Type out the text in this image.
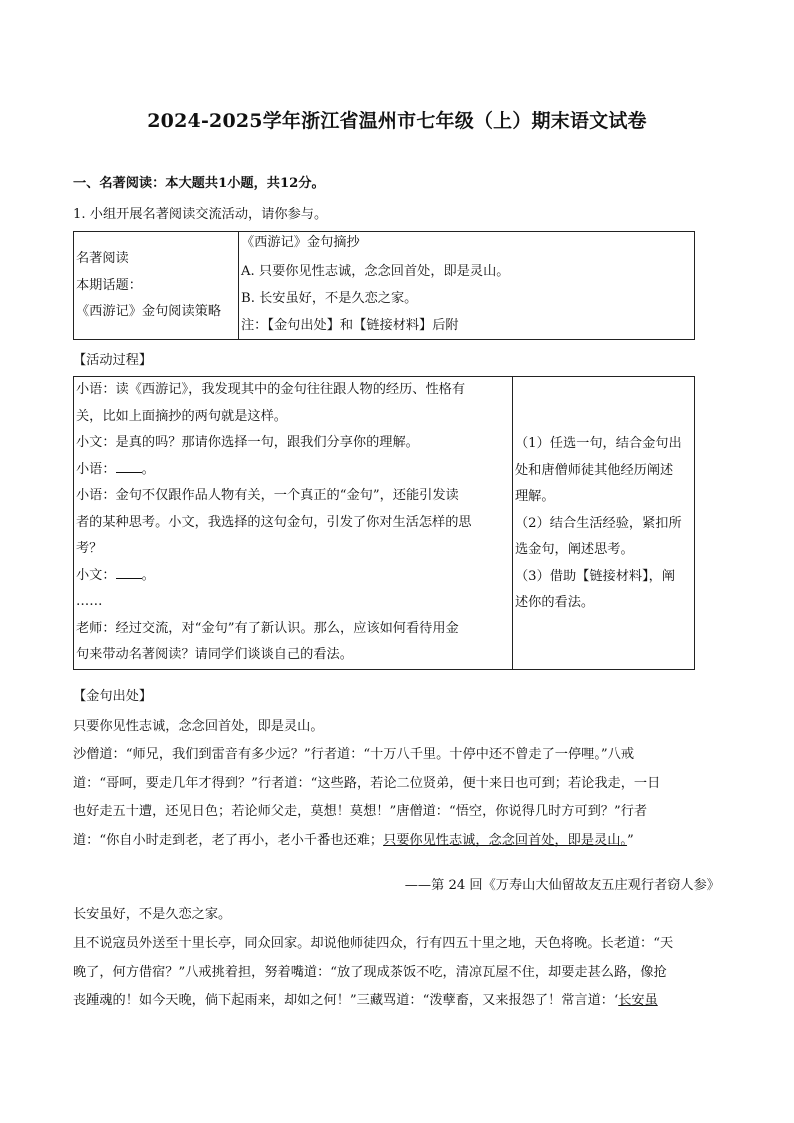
2024-2025学年浙江省温州市七年级（上）期末语文试卷
一、名著阅读：本大题共1小题，共12分。
1. 小组开展名著阅读交流活动，请你参与。
名著阅读
本期话题：
《西游记》金句阅读策略

《西游记》金句摘抄
A. 只要你见性志诚，念念回首处，即是灵山。
B. 长安虽好，不是久恋之家。
注：【金句出处】和【链接材料】后附
【活动过程】
小语：读《西游记》，我发现其中的金句往往跟人物的经历、性格有
关，比如上面摘抄的两句就是这样。
小文：是真的吗？那请你选择一句，跟我们分享你的理解。
小语： 。
小语：金句不仅跟作品人物有关，一个真正的“金句”，还能引发读
者的某种思考。小文，我选择的这句金句，引发了你对生活怎样的思
考？
小文： 。
……
老师：经过交流，对“金句”有了新认识。那么，应该如何看待用金
句来带动名著阅读？请同学们谈谈自己的看法。

（1）任选一句，结合金句出
处和唐僧师徒其他经历阐述
理解。
（2）结合生活经验，紧扣所
选金句，阐述思考。
（3）借助【链接材料】，阐
述你的看法。
【金句出处】
只要你见性志诚，念念回首处，即是灵山。
沙僧道：“师兄，我们到雷音有多少远？”行者道：“十万八千里。十停中还不曾走了一停哩。”八戒
道：“哥呵，要走几年才得到？”行者道：“这些路，若论二位贤弟，便十来日也可到；若论我走，一日
也好走五十遭，还见日色；若论师父走，莫想！莫想！”唐僧道：“悟空，你说得几时方可到？”行者
道：“你自小时走到老，老了再小，老小千番也还难；只要你见性志诚，念念回首处，即是灵山。”
——第 24 回《万寿山大仙留故友五庄观行者窃人参》
长安虽好，不是久恋之家。
且不说寇员外送至十里长亭，同众回家。却说他师徒四众，行有四五十里之地，天色将晚。长老道：“天
晚了，何方借宿？”八戒挑着担，努着嘴道：“放了现成茶饭不吃，清凉瓦屋不住，却要走甚么路，像抢
丧踵魂的！如今天晚，倘下起雨来，却如之何！”三藏骂道：“泼孽畜，又来报怨了！常言道：‘长安虽
